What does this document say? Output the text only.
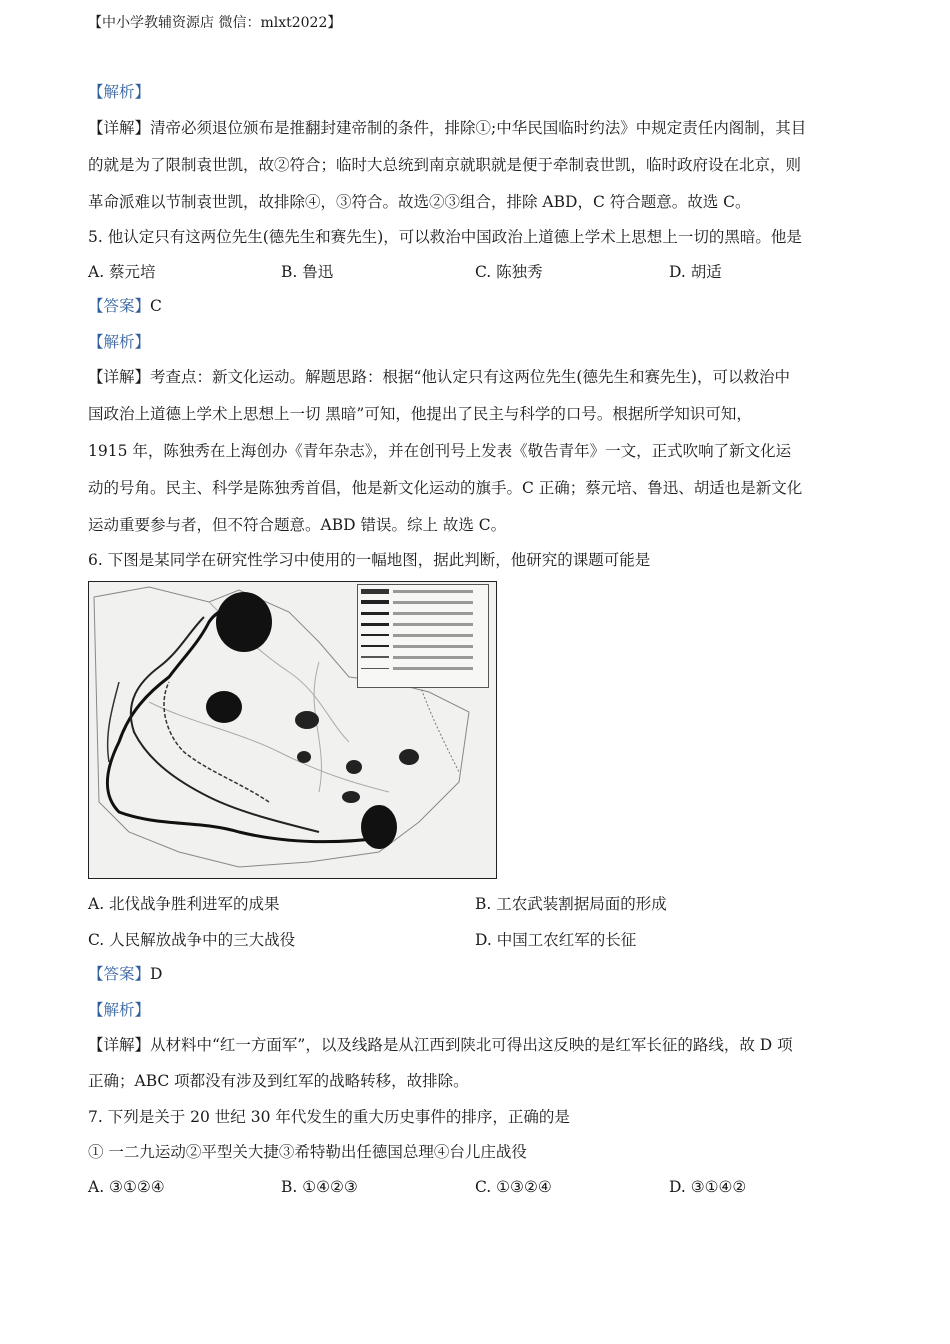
【中小学教辅资源店 微信：mlxt2022】
【解析】
【详解】清帝必须退位颁布是推翻封建帝制的条件，排除①;中华民国临时约法》中规定责任内阁制，其目
的就是为了限制袁世凯，故②符合；临时大总统到南京就职就是便于牵制袁世凯，临时政府设在北京，则
革命派难以节制袁世凯，故排除④，③符合。故选②③组合，排除 ABD，C 符合题意。故选 C。
5. 他认定只有这两位先生(德先生和赛先生)，可以救治中国政治上道德上学术上思想上一切的黑暗。他是
A. 蔡元培	B. 鲁迅	C. 陈独秀	D. 胡适
【答案】C
【解析】
【详解】考查点：新文化运动。解题思路：根据“他认定只有这两位先生(德先生和赛先生)，可以救治中
国政治上道德上学术上思想上一切 黑暗”可知，他提出了民主与科学的口号。根据所学知识可知，
1915 年，陈独秀在上海创办《青年杂志》，并在创刊号上发表《敬告青年》一文，正式吹响了新文化运
动的号角。民主、科学是陈独秀首倡，他是新文化运动的旗手。C 正确；蔡元培、鲁迅、胡适也是新文化
运动重要参与者，但不符合题意。ABD 错误。综上 故选 C。
6. 下图是某同学在研究性学习中使用的一幅地图，据此判断，他研究的课题可能是
A. 北伐战争胜利进军的成果	B. 工农武装割据局面的形成
C. 人民解放战争中的三大战役	D. 中国工农红军的长征
【答案】D
【解析】
【详解】从材料中“红一方面军”，以及线路是从江西到陕北可得出这反映的是红军长征的路线，故 D 项
正确；ABC 项都没有涉及到红军的战略转移，故排除。
7. 下列是关于 20 世纪 30 年代发生的重大历史事件的排序，正确的是
① 一二九运动②平型关大捷③希特勒出任德国总理④台儿庄战役
A. ③①②④	B. ①④②③	C. ①③②④	D. ③①④②
